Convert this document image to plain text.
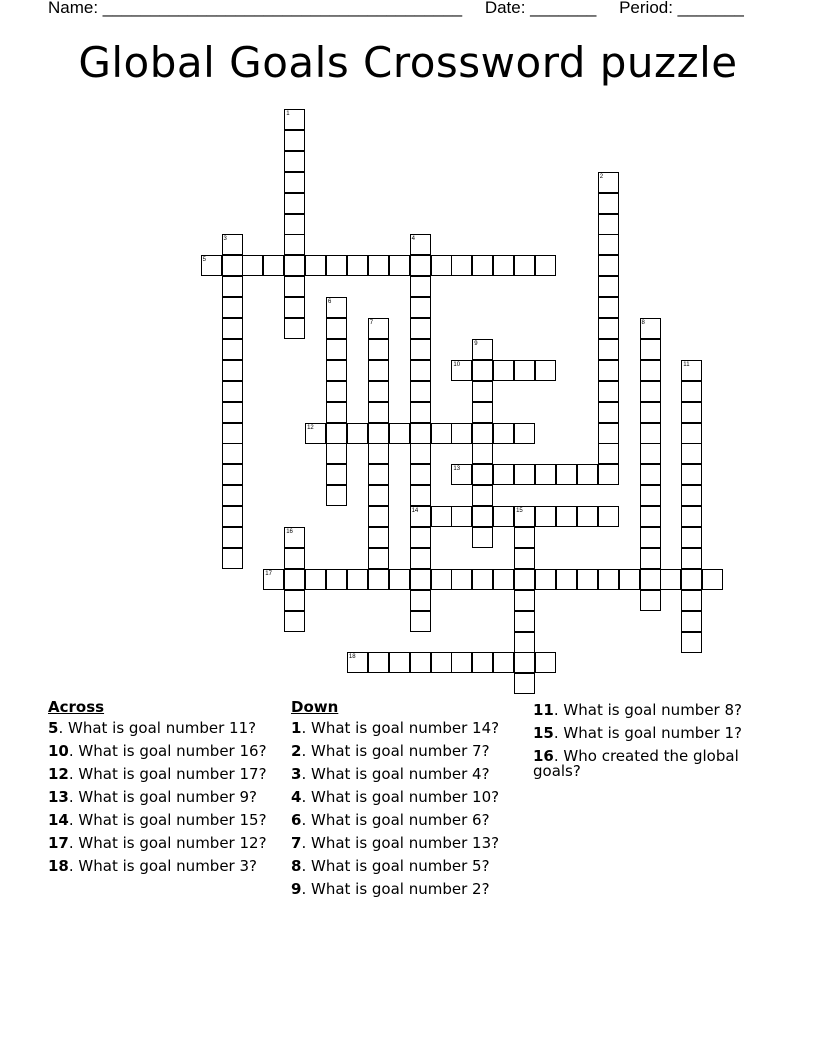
Name: ______________________________________ Date: _______ Period: _______
Global Goals Crossword puzzle
1
2
3	4
5
6
7	8
9
10	11
12
13
14	15
16
17
18
Across
5. What is goal number 11?
10. What is goal number 16?
12. What is goal number 17?
13. What is goal number 9?
14. What is goal number 15?
17. What is goal number 12?
18. What is goal number 3?
Down
1. What is goal number 14?
2. What is goal number 7?
3. What is goal number 4?
4. What is goal number 10?
6. What is goal number 6?
7. What is goal number 13?
8. What is goal number 5?
9. What is goal number 2?
11. What is goal number 8?
15. What is goal number 1?
16. Who created the global goals?
